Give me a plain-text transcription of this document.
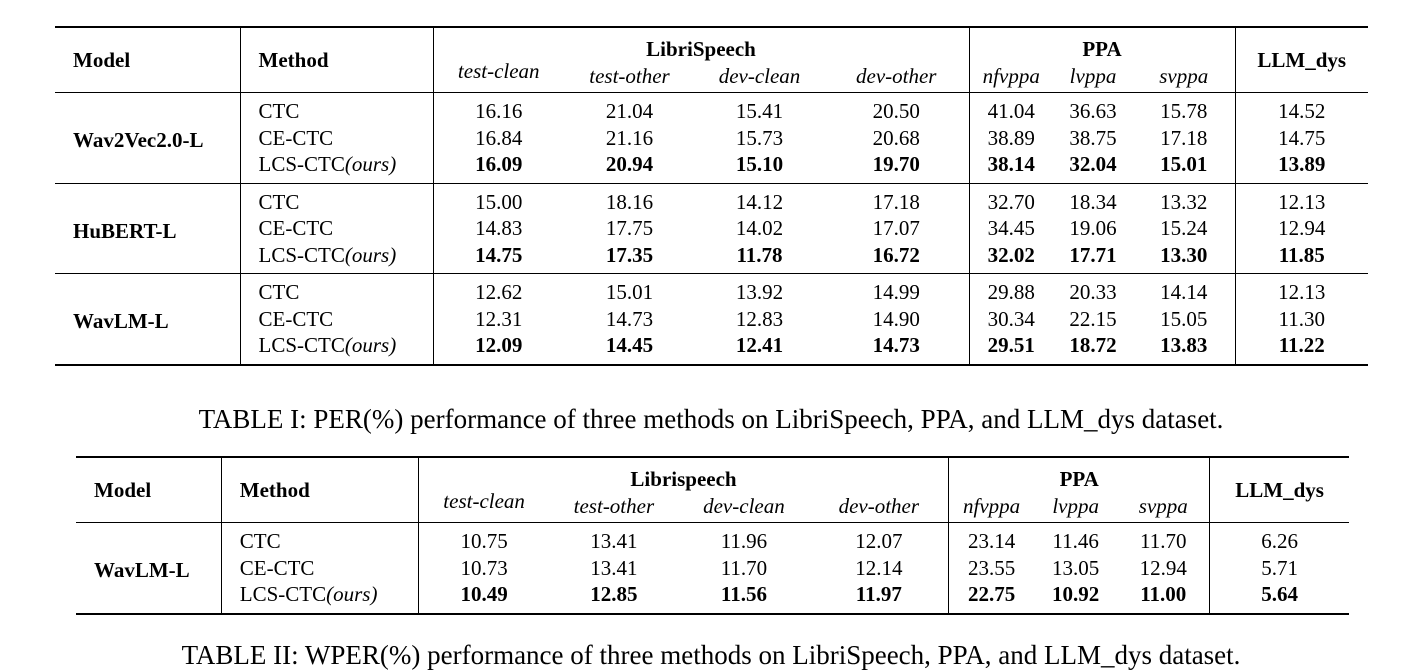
Model	Method	LibriSpeech				PPA			LLM_dys
		test-clean	test-other	dev-clean	dev-other	nfvppa	lvppa	svppa	
Wav2Vec2.0-L	CTC	16.16	21.04	15.41	20.50	41.04	36.63	15.78	14.52
	CE-CTC	16.84	21.16	15.73	20.68	38.89	38.75	17.18	14.75
	LCS-CTC(ours)	16.09	20.94	15.10	19.70	38.14	32.04	15.01	13.89
HuBERT-L	CTC	15.00	18.16	14.12	17.18	32.70	18.34	13.32	12.13
	CE-CTC	14.83	17.75	14.02	17.07	34.45	19.06	15.24	12.94
	LCS-CTC(ours)	14.75	17.35	11.78	16.72	32.02	17.71	13.30	11.85
WavLM-L	CTC	12.62	15.01	13.92	14.99	29.88	20.33	14.14	12.13
	CE-CTC	12.31	14.73	12.83	14.90	30.34	22.15	15.05	11.30
	LCS-CTC(ours)	12.09	14.45	12.41	14.73	29.51	18.72	13.83	11.22
Model	Method	Librispeech				PPA			LLM_dys
		test-clean	test-other	dev-clean	dev-other	nfvppa	lvppa	svppa	
WavLM-L	CTC	10.75	13.41	11.96	12.07	23.14	11.46	11.70	6.26
	CE-CTC	10.73	13.41	11.70	12.14	23.55	13.05	12.94	5.71
	LCS-CTC(ours)	10.49	12.85	11.56	11.97	22.75	10.92	11.00	5.64
TABLE I: PER(%) performance of three methods on LibriSpeech, PPA, and LLM_dys dataset.
TABLE II: WPER(%) performance of three methods on LibriSpeech, PPA, and LLM_dys dataset.
